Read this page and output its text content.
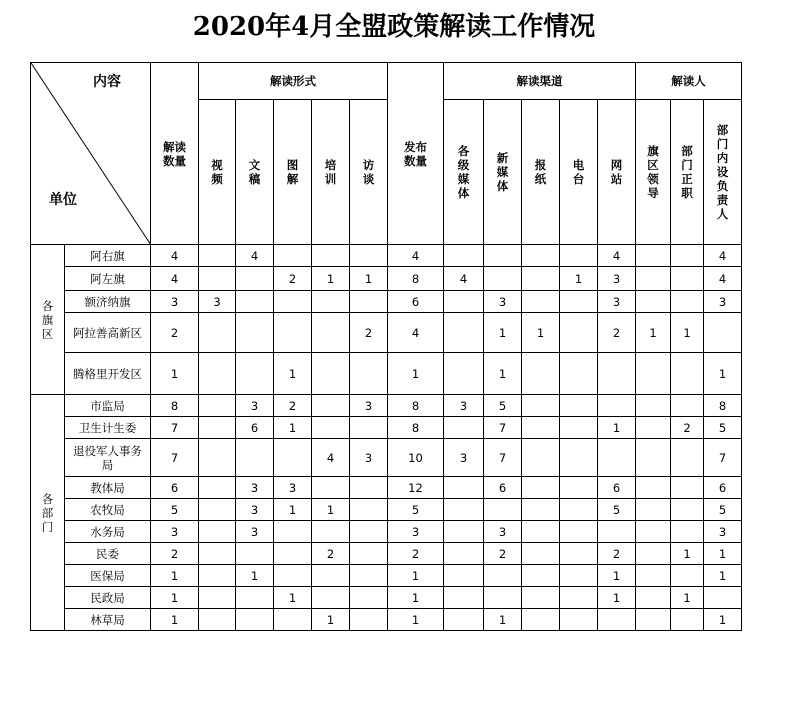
2020年4月全盟政策解读工作情况
内容
单位		解读数量	解读形式					发布数量	解读渠道					解读人		
			视频	文稿	图解	培训	访谈		各级媒体	新媒体	报纸	电台	网站	旗区领导	部门正职	部门内设负责人
各旗区	阿右旗	4		4				4					4			4
	阿左旗	4			2	1	1	8	4			1	3			4
	额济纳旗	3	3					6		3			3			3
	阿拉善高新区	2					2	4		1	1		2	1	1	
	腾格里开发区	1			1			1		1						1
各部门	市监局	8		3	2		3	8	3	5						8
	卫生计生委	7		6	1			8		7			1		2	5
	退役军人事务局	7				4	3	10	3	7						7
	教体局	6		3	3			12		6			6			6
	农牧局	5		3	1	1		5					5			5
	水务局	3		3				3		3						3
	民委	2				2		2		2			2		1	1
	医保局	1		1				1					1			1
	民政局	1			1			1					1		1	
	林草局	1				1		1		1						1
